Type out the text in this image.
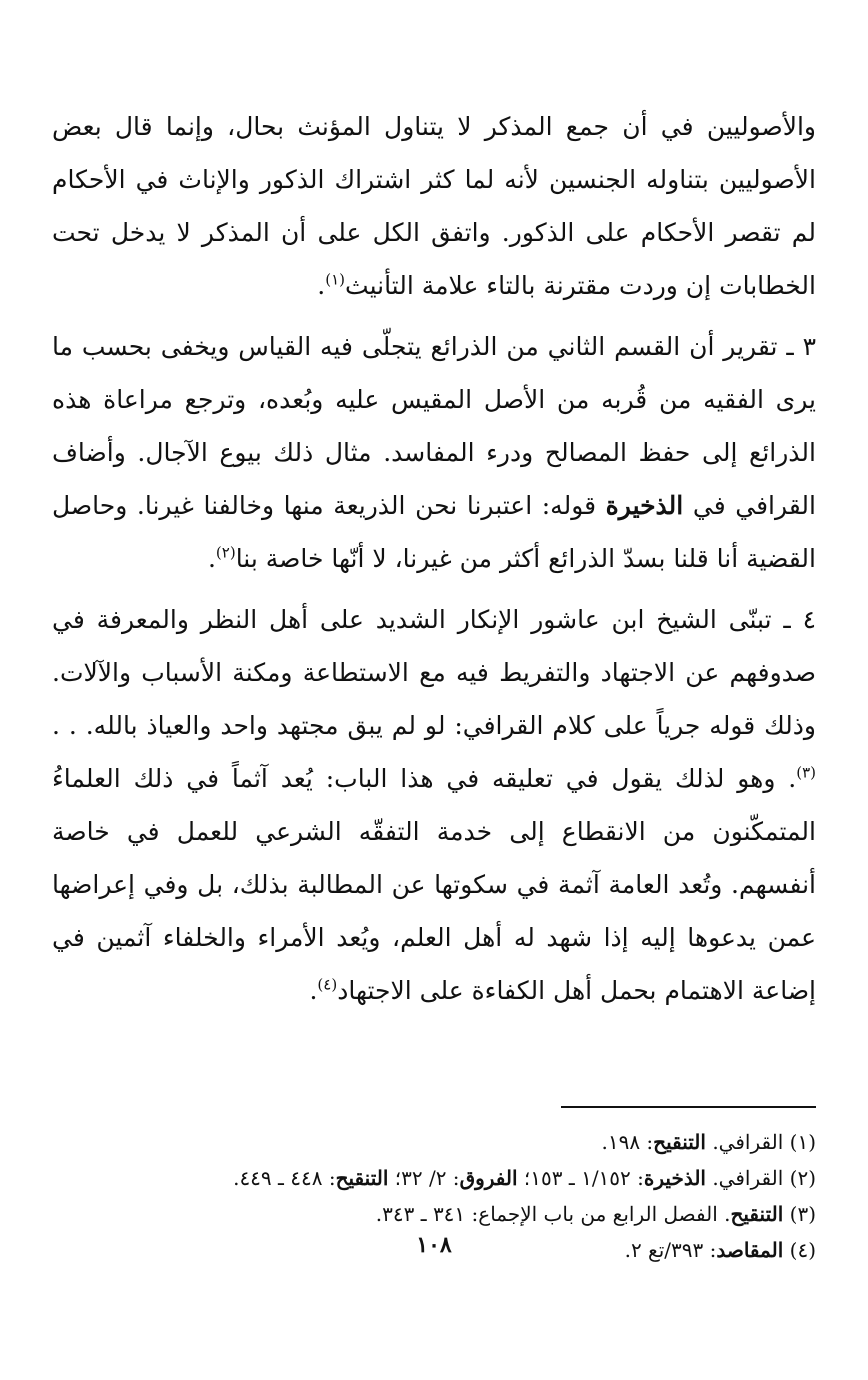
والأصوليين في أن جمع المذكر لا يتناول المؤنث بحال، وإنما قال بعض الأصوليين بتناوله الجنسين لأنه لما كثر اشتراك الذكور والإناث في الأحكام لم تقصر الأحكام على الذكور. واتفق الكل على أن المذكر لا يدخل تحت الخطابات إن وردت مقترنة بالتاء علامة التأنيث$^{(١)}$.

٣ ـ تقرير أن القسم الثاني من الذرائع يتجلّى فيه القياس ويخفى بحسب ما يرى الفقيه من قُربه من الأصل المقيس عليه وبُعده، وترجع مراعاة هذه الذرائع إلى حفظ المصالح ودرء المفاسد. مثال ذلك بيوع الآجال. وأضاف القرافي في الذخيرة قوله: اعتبرنا نحن الذريعة منها وخالفنا غيرنا. وحاصل القضية أنا قلنا بسدّ الذرائع أكثر من غيرنا، لا أنّها خاصة بنا$^{(٢)}$.

٤ ـ تبنّى الشيخ ابن عاشور الإنكار الشديد على أهل النظر والمعرفة في صدوفهم عن الاجتهاد والتفريط فيه مع الاستطاعة ومكنة الأسباب والآلات. وذلك قوله جرياً على كلام القرافي: لو لم يبق مجتهد واحد والعياذ بالله. . .$^{(٣)}$. وهو لذلك يقول في تعليقه في هذا الباب: يُعد آثماً في ذلك العلماءُ المتمكّنون من الانقطاع إلى خدمة التفقّه الشرعي للعمل في خاصة أنفسهم. وتُعد العامة آثمة في سكوتها عن المطالبة بذلك، بل وفي إعراضها عمن يدعوها إليه إذا شهد له أهل العلم، ويُعد الأمراء والخلفاء آثمين في إضاعة الاهتمام بحمل أهل الكفاءة على الاجتهاد$^{(٤)}$.

(١) القرافي. التنقيح: ١٩٨.
(٢) القرافي. الذخيرة: ١/١٥٢ ـ ١٥٣؛ الفروق: ٢/ ٣٢؛ التنقيح: ٤٤٨ ـ ٤٤٩.
(٣) التنقيح. الفصل الرابع من باب الإجماع: ٣٤١ ـ ٣٤٣.
(٤) المقاصد: ٣٩٣/تع ٢.
١٠٨
